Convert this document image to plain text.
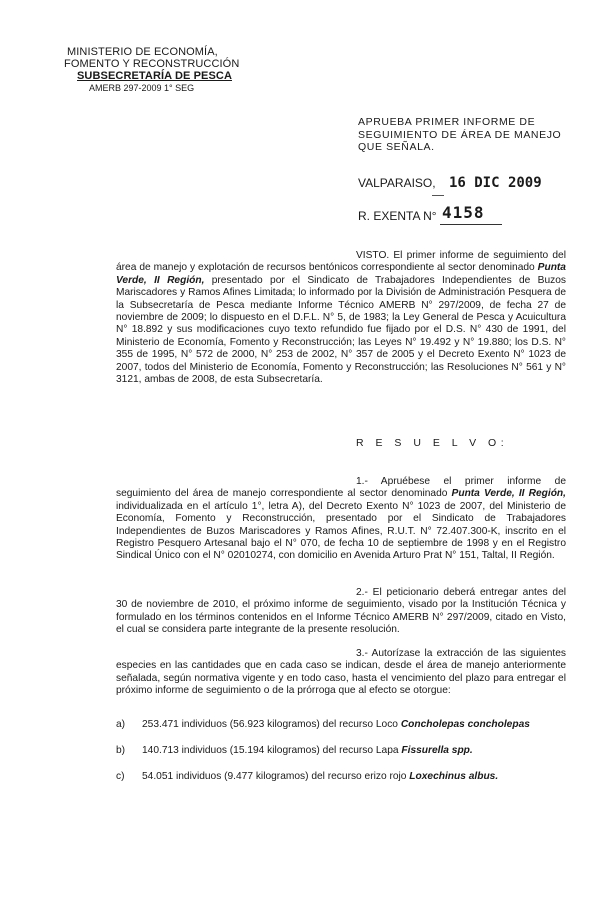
MINISTERIO DE ECONOMÍA,
FOMENTO Y RECONSTRUCCIÓN
SUBSECRETARÍA DE PESCA
AMERB 297-2009 1° SEG
APRUEBA PRIMER INFORME DE
SEGUIMIENTO DE ÁREA DE MANEJO
QUE SEÑALA.
VALPARAISO, 16 DIC 2009
R. EXENTA N° 4158
VISTO. El primer informe de seguimiento del área de manejo y explotación de recursos bentónicos correspondiente al sector denominado Punta Verde, II Región, presentado por el Sindicato de Trabajadores Independientes de Buzos Mariscadores y Ramos Afines Limitada; lo informado por la División de Administración Pesquera de la Subsecretaría de Pesca mediante Informe Técnico AMERB N° 297/2009, de fecha 27 de noviembre de 2009; lo dispuesto en el D.F.L. N° 5, de 1983; la Ley General de Pesca y Acuicultura N° 18.892 y sus modificaciones cuyo texto refundido fue fijado por el D.S. N° 430 de 1991, del Ministerio de Economía, Fomento y Reconstrucción; las Leyes N° 19.492 y N° 19.880; los D.S. N° 355 de 1995, N° 572 de 2000, N° 253 de 2002, N° 357 de 2005 y el Decreto Exento N° 1023 de 2007, todos del Ministerio de Economía, Fomento y Reconstrucción; las Resoluciones N° 561 y N° 3121, ambas de 2008, de esta Subsecretaría.
R E S U E L V O:
1.- Apruébese el primer informe de seguimiento del área de manejo correspondiente al sector denominado Punta Verde, II Región, individualizada en el artículo 1°, letra A), del Decreto Exento N° 1023 de 2007, del Ministerio de Economía, Fomento y Reconstrucción, presentado por el Sindicato de Trabajadores Independientes de Buzos Mariscadores y Ramos Afines, R.U.T. N° 72.407.300-K, inscrito en el Registro Pesquero Artesanal bajo el N° 070, de fecha 10 de septiembre de 1998 y en el Registro Sindical Único con el N° 02010274, con domicilio en Avenida Arturo Prat N° 151, Taltal, II Región.
2.- El peticionario deberá entregar antes del 30 de noviembre de 2010, el próximo informe de seguimiento, visado por la Institución Técnica y formulado en los términos contenidos en el Informe Técnico AMERB N° 297/2009, citado en Visto, el cual se considera parte integrante de la presente resolución.
3.- Autorízase la extracción de las siguientes especies en las cantidades que en cada caso se indican, desde el área de manejo anteriormente señalada, según normativa vigente y en todo caso, hasta el vencimiento del plazo para entregar el próximo informe de seguimiento o de la prórroga que al efecto se otorgue:
a) 253.471 individuos (56.923 kilogramos) del recurso Loco Concholepas concholepas
b) 140.713 individuos (15.194 kilogramos) del recurso Lapa Fissurella spp.
c) 54.051 individuos (9.477 kilogramos) del recurso erizo rojo Loxechinus albus.
